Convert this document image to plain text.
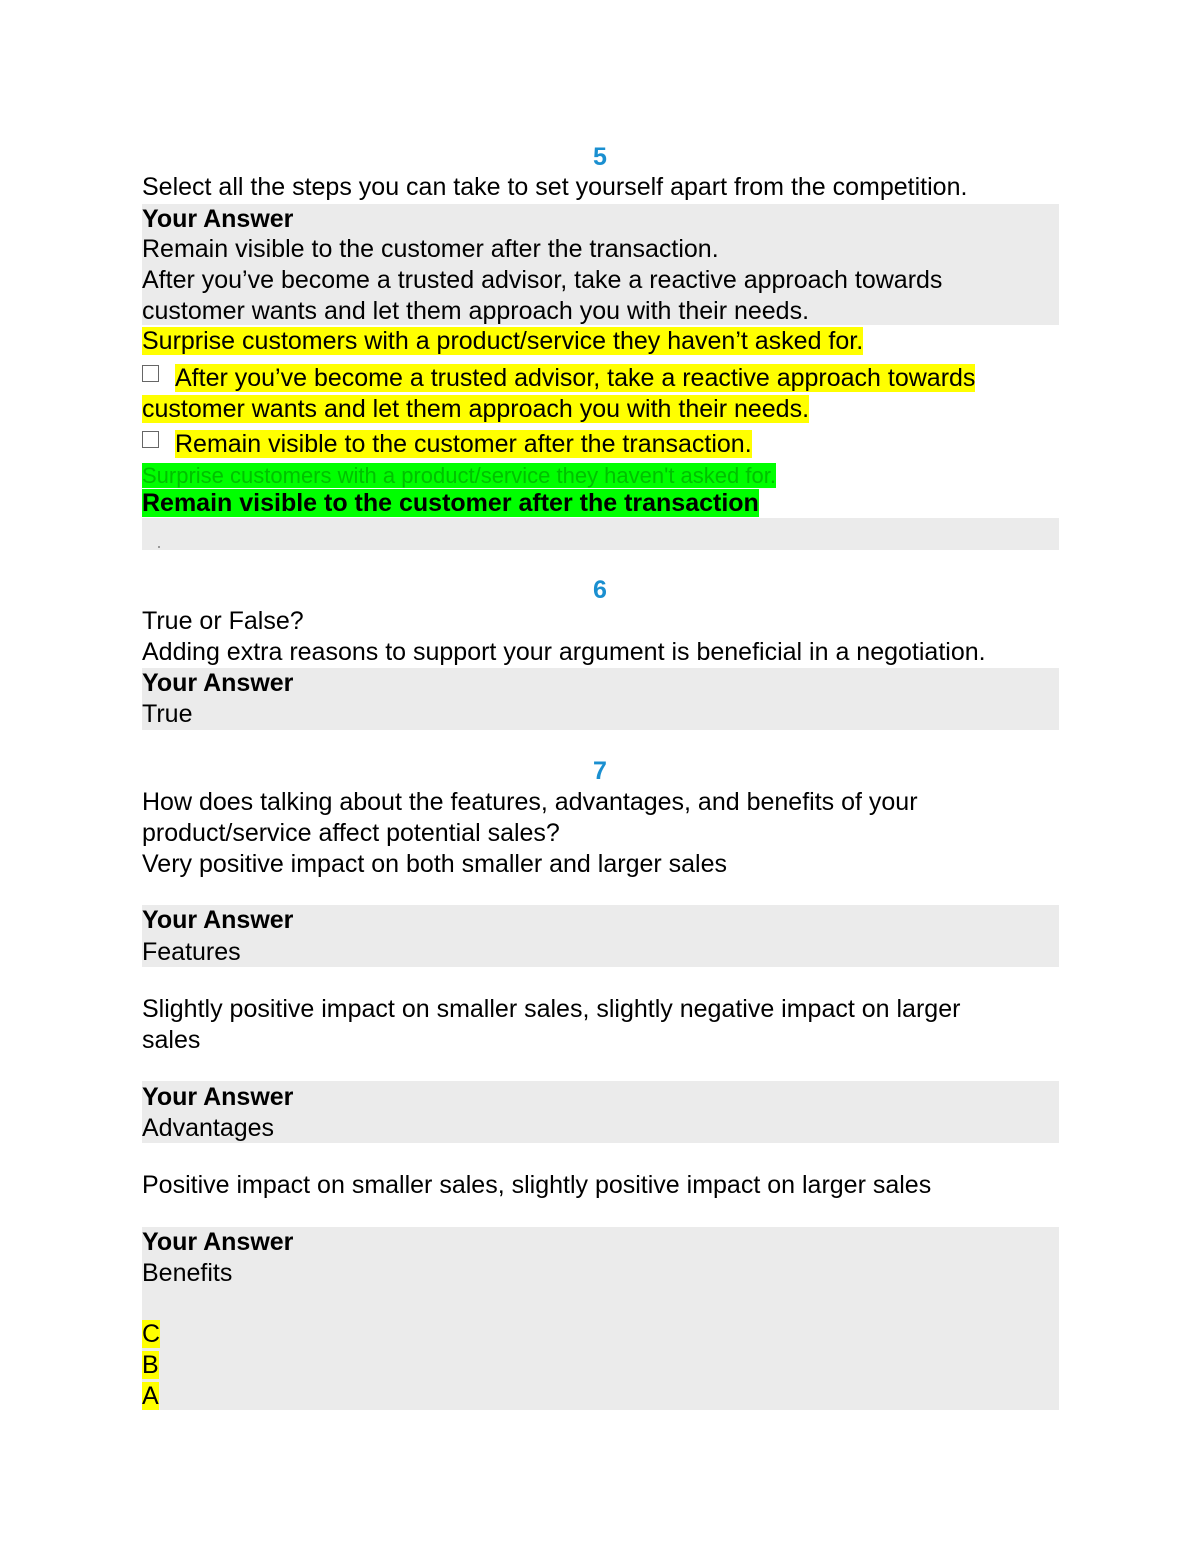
5
Select all the steps you can take to set yourself apart from the competition.
Your Answer
Remain visible to the customer after the transaction.
After you’ve become a trusted advisor, take a reactive approach towards
customer wants and let them approach you with their needs.
Surprise customers with a product/service they haven’t asked for.
After you’ve become a trusted advisor, take a reactive approach towards
customer wants and let them approach you with their needs.
Remain visible to the customer after the transaction.
Surprise customers with a product/service they haven't asked for.
Remain visible to the customer after the transaction
6
True or False?
Adding extra reasons to support your argument is beneficial in a negotiation.
Your Answer
True
7
How does talking about the features, advantages, and benefits of your
product/service affect potential sales?
Very positive impact on both smaller and larger sales
Your Answer
Features
Slightly positive impact on smaller sales, slightly negative impact on larger
sales
Your Answer
Advantages
Positive impact on smaller sales, slightly positive impact on larger sales
Your Answer
Benefits
C
B
A
